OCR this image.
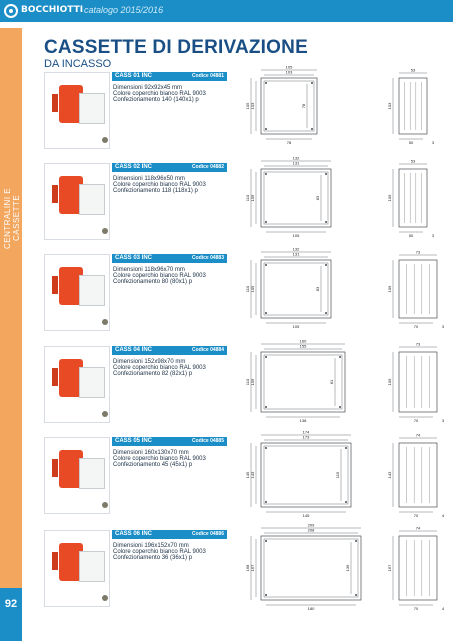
BOCCHIOTTI catalogo 2015/2016
CENTRALINI E CASSETTE
92
CASSETTE DI DERIVAZIONE
DA INCASSO
CASS 01 INC	Codice 04881
Dimensioni 92x92x45 mm
Colore coperchio bianco RAL 9003
Confezionamento 140 (140x1) p
105
103
105 103	78
78
53
103
50	3
CASS 02 INC	Codice 04882
Dimensioni 118x96x50 mm
Colore coperchio bianco RAL 9003
Confezionamento 118 (118x1) p
132
131
110 109	83
105
53
109
50	3
CASS 03 INC	Codice 04883
Dimensioni 118x96x70 mm
Colore coperchio bianco RAL 9003
Confezionamento 80 (80x1) p
132
131
110 109	83
105
73
109
70	3
CASS 04 INC	Codice 04884
Dimensioni 152x98x70 mm
Colore coperchio bianco RAL 9003
Confezionamento 82 (82x1) p
160
155
110 109	81
138
73
109
70	3
CASS 05 INC	Codice 04885
Dimensioni 160x130x70 mm
Colore coperchio bianco RAL 9003
Confezionamento 45 (45x1) p
174
173
145 143	115
145
74
143
70	4
CASS 06 INC	Codice 04886
Dimensioni 196x152x70 mm
Colore coperchio bianco RAL 9003
Confezionamento 36 (36x1) p
209
208
168 167	136
180
74
167
70	4
